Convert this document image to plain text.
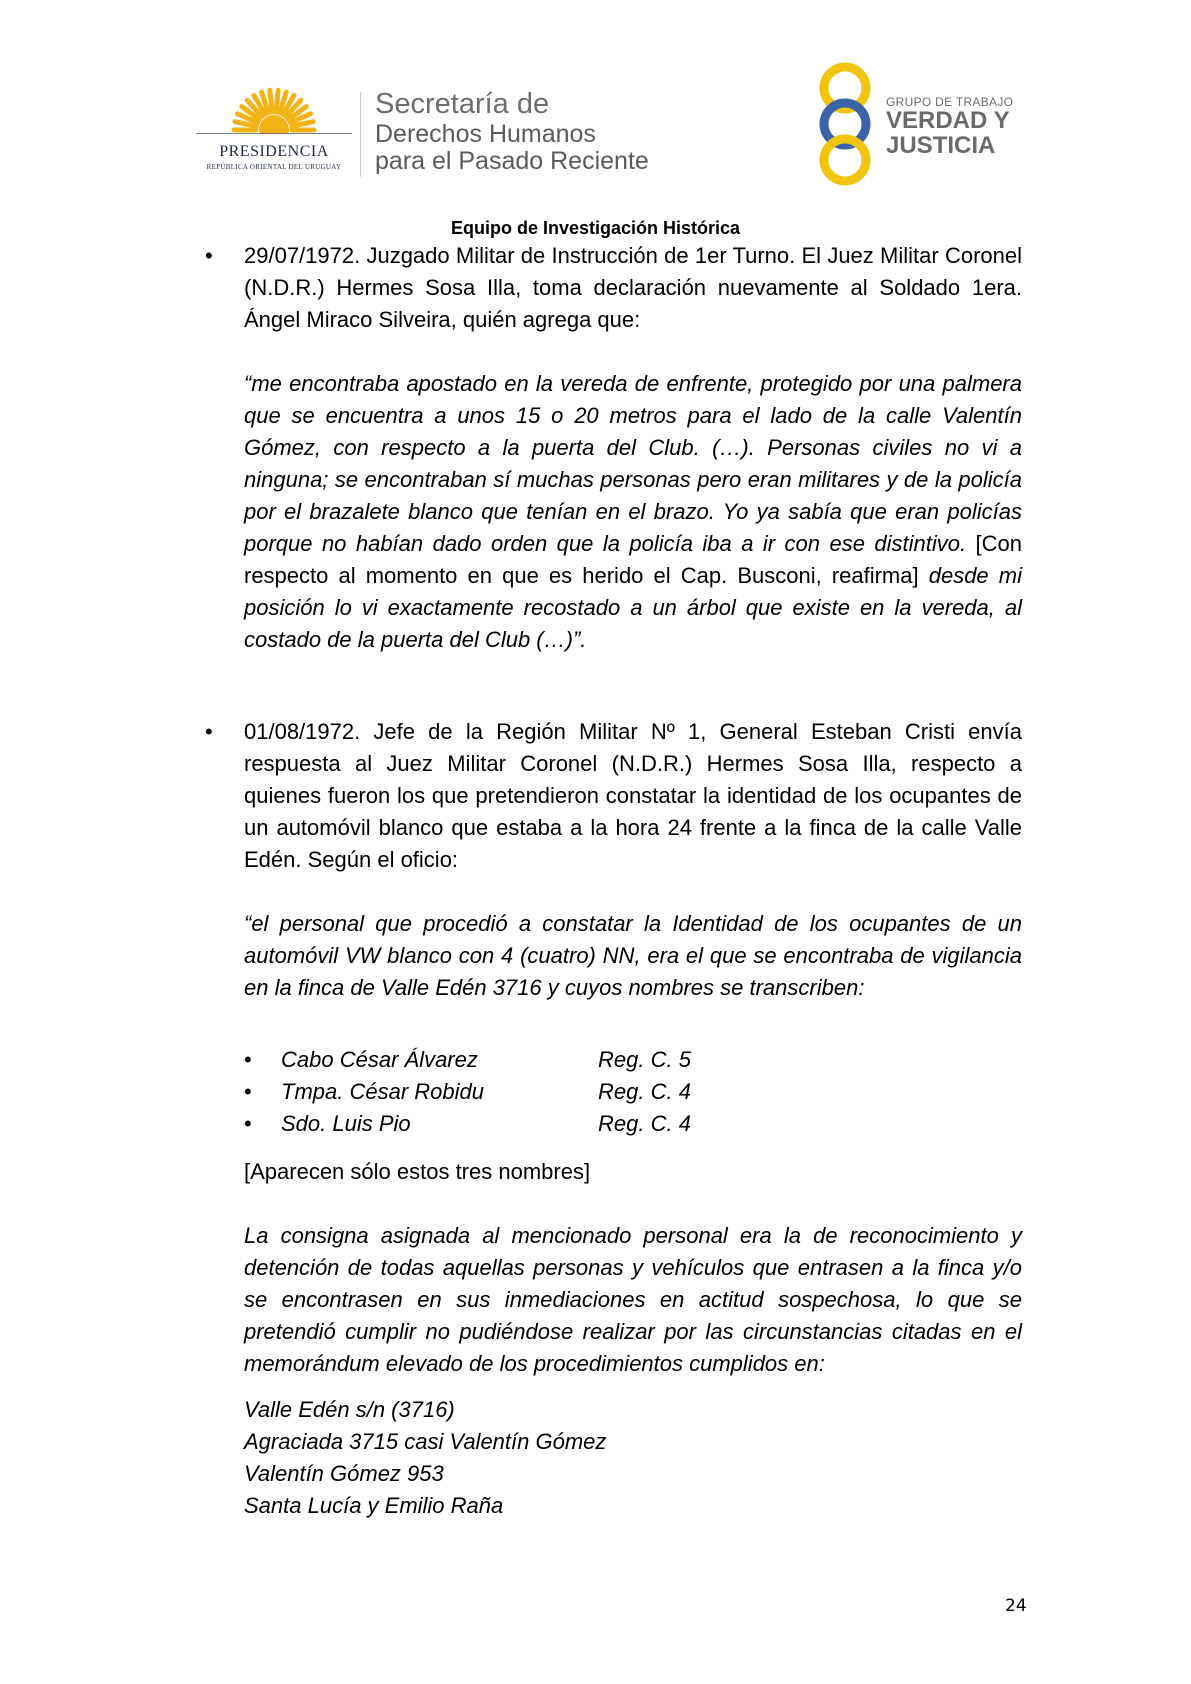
PRESIDENCIA
REPÚBLICA ORIENTAL DEL URUGUAY
Secretaría de
Derechos Humanos
para el Pasado Reciente
GRUPO DE TRABAJO
VERDAD Y
JUSTICIA
Equipo de Investigación Histórica
• 29/07/1972. Juzgado Militar de Instrucción de 1er Turno. El Juez Militar Coronel (N.D.R.) Hermes Sosa Illa, toma declaración nuevamente al Soldado 1era. Ángel Miraco Silveira, quién agrega que:
“me encontraba apostado en la vereda de enfrente, protegido por una palmera que se encuentra a unos 15 o 20 metros para el lado de la calle Valentín Gómez, con respecto a la puerta del Club. (…). Personas civiles no vi a ninguna; se encontraban sí muchas personas pero eran militares y de la policía por el brazalete blanco que tenían en el brazo. Yo ya sabía que eran policías porque no habían dado orden que la policía iba a ir con ese distintivo. [Con respecto al momento en que es herido el Cap. Busconi, reafirma] desde mi posición lo vi exactamente recostado a un árbol que existe en la vereda, al costado de la puerta del Club (…)”.
• 01/08/1972. Jefe de la Región Militar Nº 1, General Esteban Cristi envía respuesta al Juez Militar Coronel (N.D.R.) Hermes Sosa Illa, respecto a quienes fueron los que pretendieron constatar la identidad de los ocupantes de un automóvil blanco que estaba a la hora 24 frente a la finca de la calle Valle Edén. Según el oficio:
“el personal que procedió a constatar la Identidad de los ocupantes de un automóvil VW blanco con 4 (cuatro) NN, era el que se encontraba de vigilancia en la finca de Valle Edén 3716 y cuyos nombres se transcriben:
• Cabo César Álvarez	Reg. C. 5
• Tmpa. César Robidu	Reg. C. 4
• Sdo. Luis Pio	Reg. C. 4
[Aparecen sólo estos tres nombres]
La consigna asignada al mencionado personal era la de reconocimiento y detención de todas aquellas personas y vehículos que entrasen a la finca y/o se encontrasen en sus inmediaciones en actitud sospechosa, lo que se pretendió cumplir no pudiéndose realizar por las circunstancias citadas en el memorándum elevado de los procedimientos cumplidos en:
Valle Edén s/n (3716)
Agraciada 3715 casi Valentín Gómez
Valentín Gómez 953
Santa Lucía y Emilio Raña
24
